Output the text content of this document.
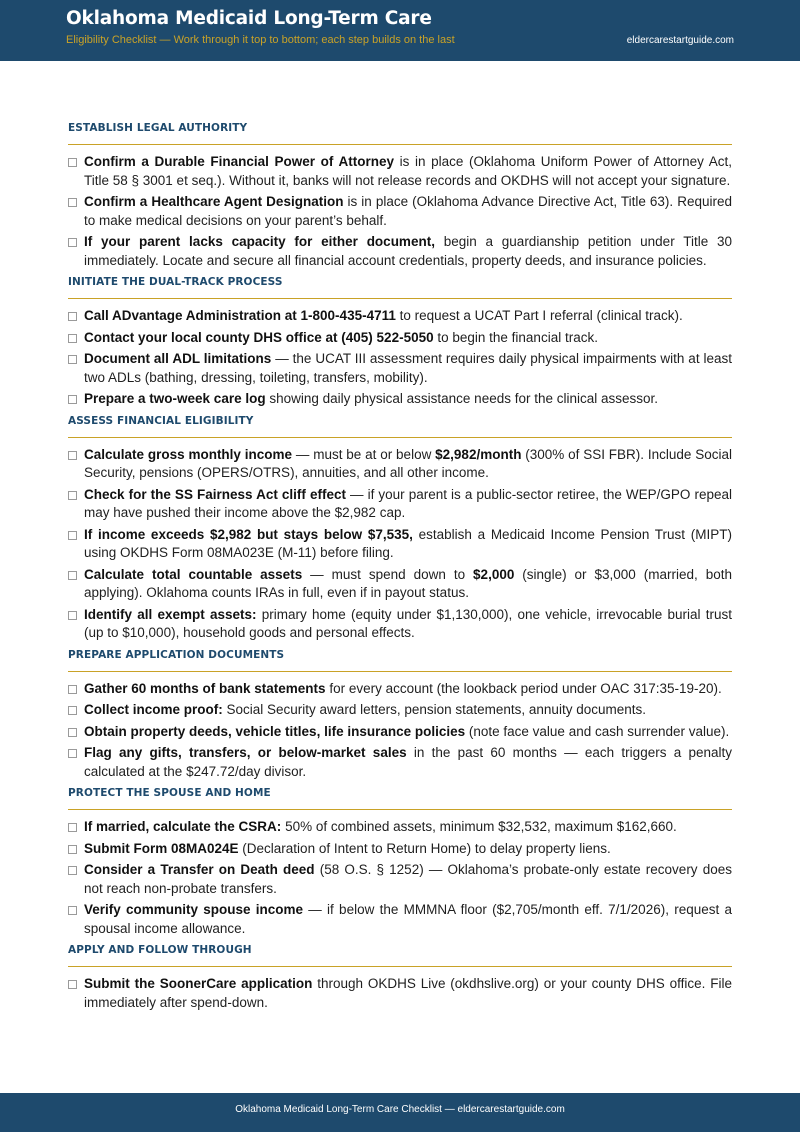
Oklahoma Medicaid Long-Term Care
Eligibility Checklist — Work through it top to bottom; each step builds on the last	eldercarestartguide.com
ESTABLISH LEGAL AUTHORITY
Confirm a Durable Financial Power of Attorney is in place (Oklahoma Uniform Power of Attorney Act, Title 58 § 3001 et seq.). Without it, banks will not release records and OKDHS will not accept your signature.
Confirm a Healthcare Agent Designation is in place (Oklahoma Advance Directive Act, Title 63). Required to make medical decisions on your parent’s behalf.
If your parent lacks capacity for either document, begin a guardianship petition under Title 30 immediately. Locate and secure all financial account credentials, property deeds, and insurance policies.
INITIATE THE DUAL-TRACK PROCESS
Call ADvantage Administration at 1-800-435-4711 to request a UCAT Part I referral (clinical track).
Contact your local county DHS office at (405) 522-5050 to begin the financial track.
Document all ADL limitations — the UCAT III assessment requires daily physical impairments with at least two ADLs (bathing, dressing, toileting, transfers, mobility).
Prepare a two-week care log showing daily physical assistance needs for the clinical assessor.
ASSESS FINANCIAL ELIGIBILITY
Calculate gross monthly income — must be at or below $2,982/month (300% of SSI FBR). Include Social Security, pensions (OPERS/OTRS), annuities, and all other income.
Check for the SS Fairness Act cliff effect — if your parent is a public-sector retiree, the WEP/GPO repeal may have pushed their income above the $2,982 cap.
If income exceeds $2,982 but stays below $7,535, establish a Medicaid Income Pension Trust (MIPT) using OKDHS Form 08MA023E (M-11) before filing.
Calculate total countable assets — must spend down to $2,000 (single) or $3,000 (married, both applying). Oklahoma counts IRAs in full, even if in payout status.
Identify all exempt assets: primary home (equity under $1,130,000), one vehicle, irrevocable burial trust (up to $10,000), household goods and personal effects.
PREPARE APPLICATION DOCUMENTS
Gather 60 months of bank statements for every account (the lookback period under OAC 317:35-19-20).
Collect income proof: Social Security award letters, pension statements, annuity documents.
Obtain property deeds, vehicle titles, life insurance policies (note face value and cash surrender value).
Flag any gifts, transfers, or below-market sales in the past 60 months — each triggers a penalty calculated at the $247.72/day divisor.
PROTECT THE SPOUSE AND HOME
If married, calculate the CSRA: 50% of combined assets, minimum $32,532, maximum $162,660.
Submit Form 08MA024E (Declaration of Intent to Return Home) to delay property liens.
Consider a Transfer on Death deed (58 O.S. § 1252) — Oklahoma’s probate-only estate recovery does not reach non-probate transfers.
Verify community spouse income — if below the MMMNA floor ($2,705/month eff. 7/1/2026), request a spousal income allowance.
APPLY AND FOLLOW THROUGH
Submit the SoonerCare application through OKDHS Live (okdhslive.org) or your county DHS office. File immediately after spend-down.
Oklahoma Medicaid Long-Term Care Checklist — eldercarestartguide.com
